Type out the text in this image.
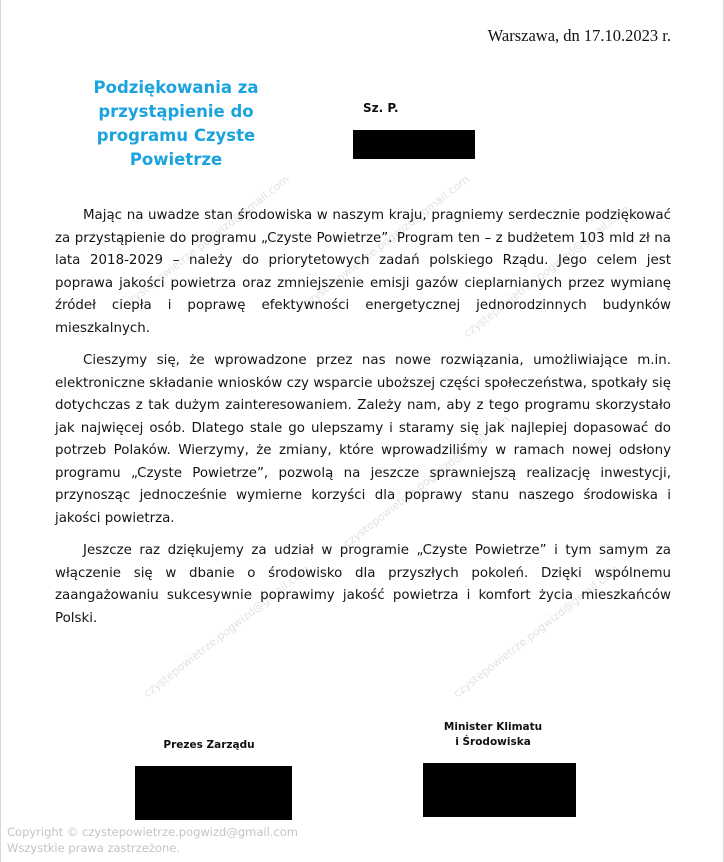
czystepowietrze.pogwizd@gmail.com czystepowietrze.pogwizd@gmail.com
czystepowietrze.pogwizd@gmail.com
czystepowietrze.pogwizd@gmail.com
czystepowietrze.pogwizd@gmail.com	czystepowietrze.pogwizd@gmail.com
Warszawa, dn 17.10.2023 r.
Podziękowania za
przystąpienie do
programu Czyste
Powietrze
Sz. P.

Mając na uwadze stan środowiska w naszym kraju, pragniemy serdecznie podziękować za przystąpienie do programu „Czyste Powietrze”. Program ten – z budżetem 103 mld zł na lata 2018-2029 – należy do priorytetowych zadań polskiego Rządu. Jego celem jest poprawa jakości powietrza oraz zmniejszenie emisji gazów cieplarnianych przez wymianę źródeł ciepła i poprawę efektywności energetycznej jednorodzinnych budynków mieszkalnych.

Cieszymy się, że wprowadzone przez nas nowe rozwiązania, umożliwiające m.in. elektroniczne składanie wniosków czy wsparcie uboższej części społeczeństwa, spotkały się dotychczas z tak dużym zainteresowaniem. Zależy nam, aby z tego programu skorzystało jak najwięcej osób. Dlatego stale go ulepszamy i staramy się jak najlepiej dopasować do potrzeb Polaków. Wierzymy, że zmiany, które wprowadziliśmy w ramach nowej odsłony programu „Czyste Powietrze”, pozwolą na jeszcze sprawniejszą realizację inwestycji, przynosząc jednocześnie wymierne korzyści dla poprawy stanu naszego środowiska i jakości powietrza.

Jeszcze raz dziękujemy za udział w programie „Czyste Powietrze” i tym samym za włączenie się w dbanie o środowisko dla przyszłych pokoleń. Dzięki wspólnemu zaangażowaniu sukcesywnie poprawimy jakość powietrza i komfort życia mieszkańców Polski.

Prezes Zarządu
Minister Klimatu
i Środowiska
Copyright © czystepowietrze.pogwizd@gmail.com
Wszystkie prawa zastrzeżone.
